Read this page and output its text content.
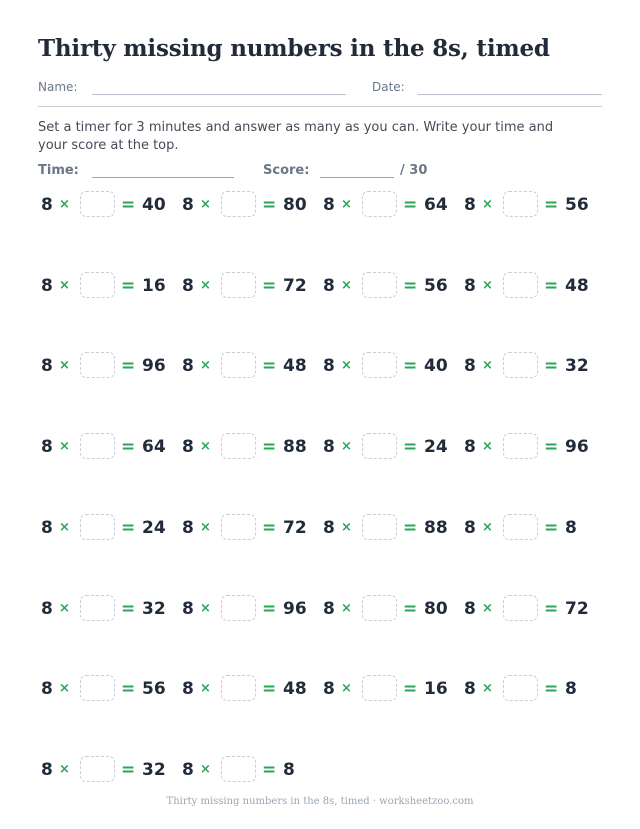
Thirty missing numbers in the 8s, timed
Name:	Date:
Set a timer for 3 minutes and answer as many as you can. Write your time and your score at the top.
Time:	Score:	/ 30
8 ×	= 40 8 ×	= 80 8 ×	= 64 8 ×	= 56
8 ×	= 16 8 ×	= 72 8 ×	= 56 8 ×	= 48
8 ×	= 96 8 ×	= 48 8 ×	= 40 8 ×	= 32
8 ×	= 64 8 ×	= 88 8 ×	= 24 8 ×	= 96
8 ×	= 24 8 ×	= 72 8 ×	= 88 8 ×	= 8
8 ×	= 32 8 ×	= 96 8 ×	= 80 8 ×	= 72
8 ×	= 56 8 ×	= 48 8 ×	= 16 8 ×	= 8
8 ×	= 32 8 ×	= 8
Thirty missing numbers in the 8s, timed · worksheetzoo.com
